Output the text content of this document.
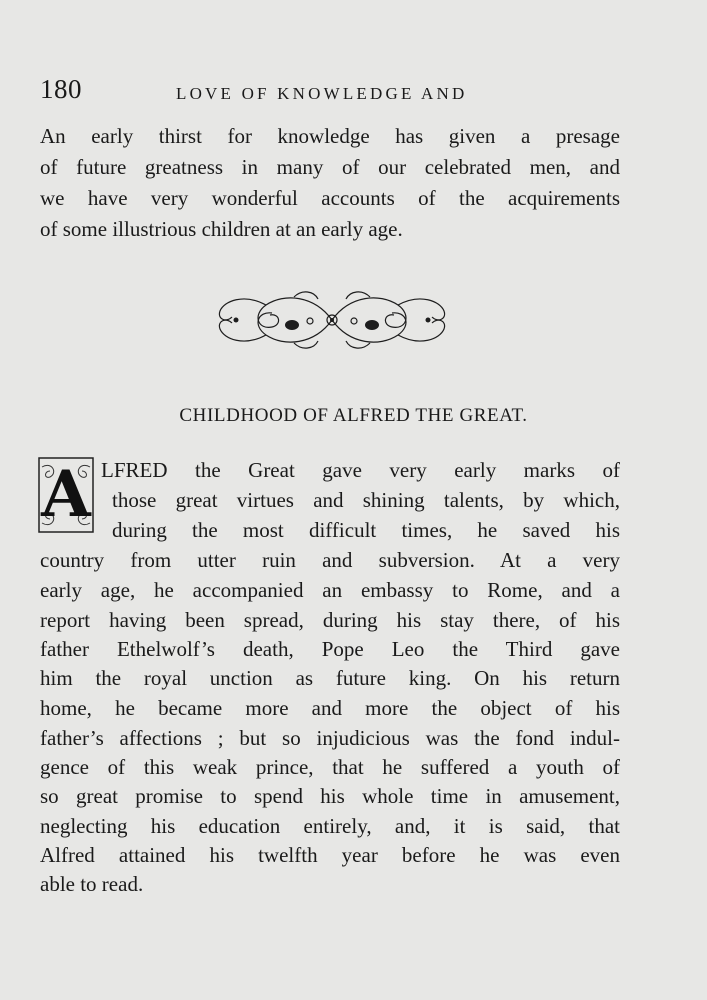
180	LOVE OF KNOWLEDGE AND
An early thirst for knowledge has given a presage
of future greatness in many of our celebrated men, and
we have very wonderful accounts of the acquirements
of some illustrious children at an early age.
CHILDHOOD OF ALFRED THE GREAT.
A LFRED the Great gave very early marks of
those great virtues and shining talents, by which,
during the most difficult times, he saved his
country from utter ruin and subversion. At a very
early age, he accompanied an embassy to Rome, and a
report having been spread, during his stay there, of his
father Ethelwolf’s death, Pope Leo the Third gave
him the royal unction as future king. On his return
home, he became more and more the object of his
father’s affections ; but so injudicious was the fond indul-
gence of this weak prince, that he suffered a youth of
so great promise to spend his whole time in amusement,
neglecting his education entirely, and, it is said, that
Alfred attained his twelfth year before he was even
able to read.
